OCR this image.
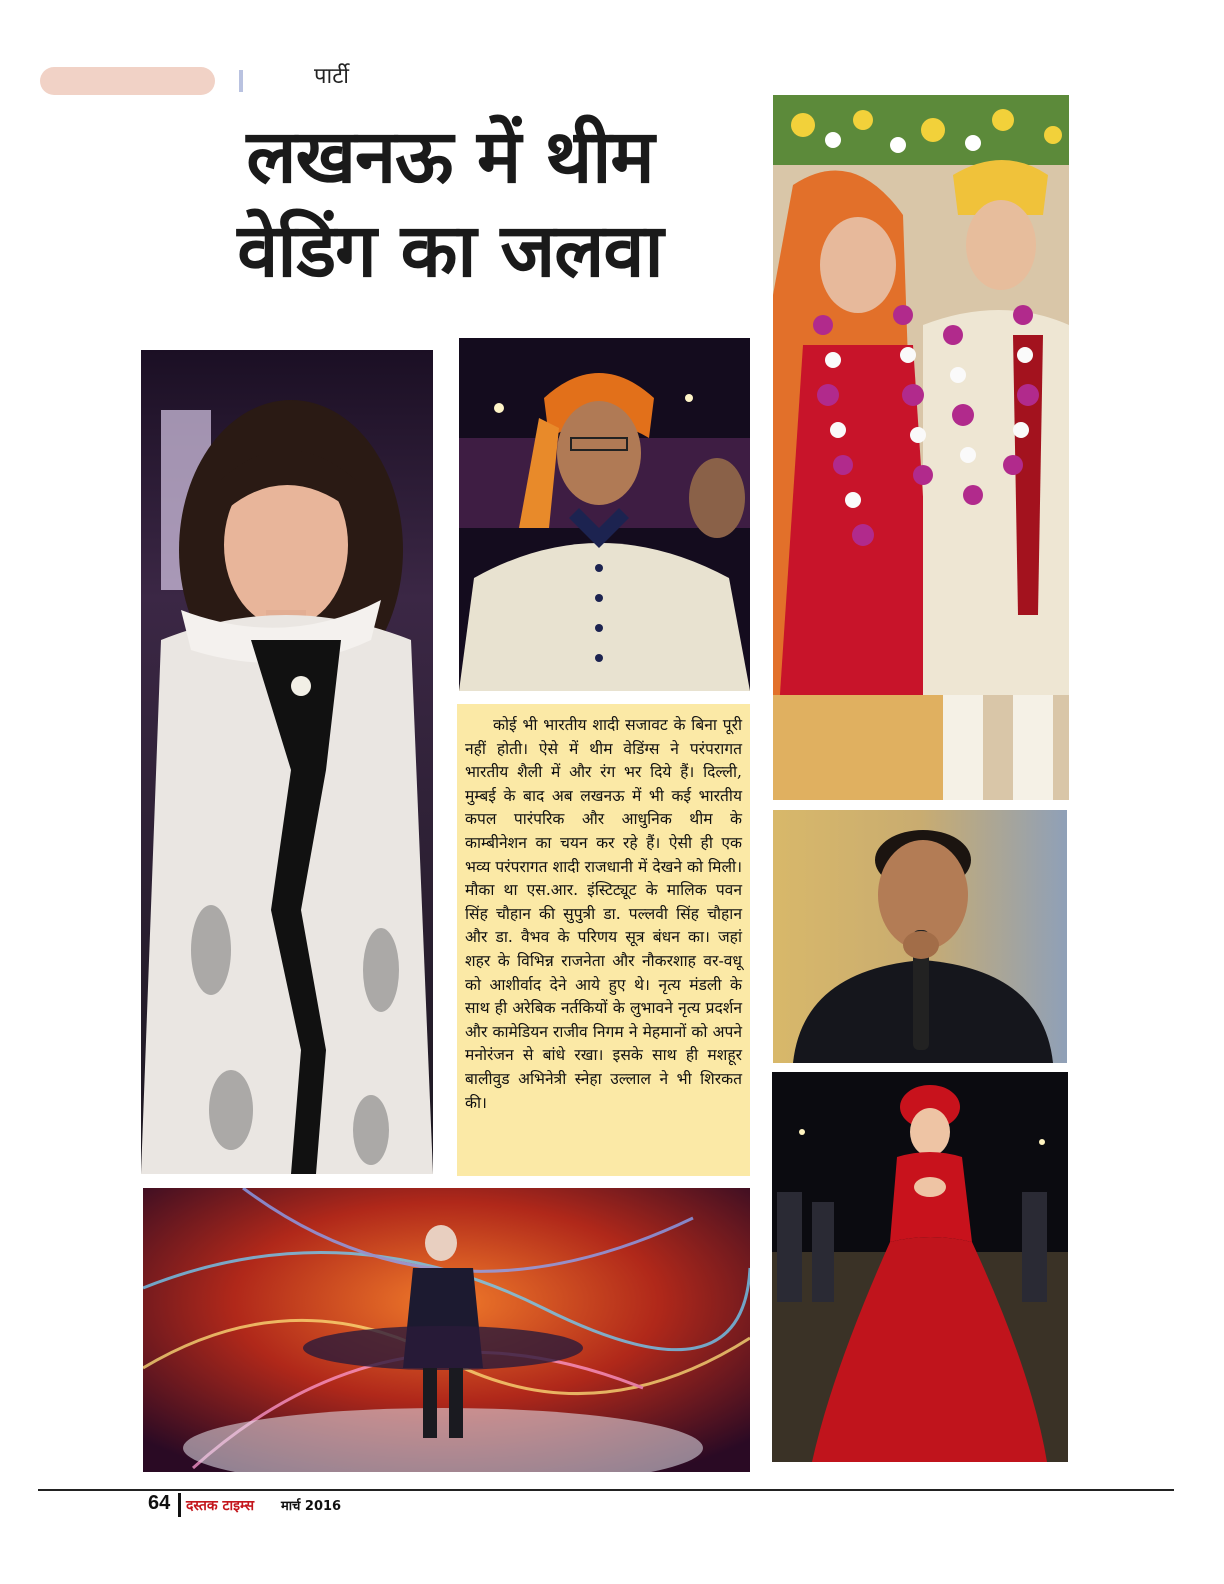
पार्टी
लखनऊ में थीम
वेडिंग का जलवा
कोई भी भारतीय शादी सजावट के बिना पूरी नहीं होती। ऐसे में थीम वेडिंग्स ने परंपरागत भारतीय शैली में और रंग भर दिये हैं। दिल्ली, मुम्बई के बाद अब लखनऊ में भी कई भारतीय कपल पारंपरिक और आधुनिक थीम के काम्बीनेशन का चयन कर रहे हैं। ऐसी ही एक भव्य परंपरागत शादी राजधानी में देखने को मिली। मौका था एस.आर. इंस्टिट्यूट के मालिक पवन सिंह चौहान की सुपुत्री डा. पल्लवी सिंह चौहान और डा. वैभव के परिणय सूत्र बंधन का। जहां शहर के विभिन्न राजनेता और नौकरशाह वर-वधू को आशीर्वाद देने आये हुए थे। नृत्य मंडली के साथ ही अरेबिक नर्तकियों के लुभावने नृत्य प्रदर्शन और कामेडियन राजीव निगम ने मेहमानों को अपने मनोरंजन से बांधे रखा। इसके साथ ही मशहूर बालीवुड अभिनेत्री स्नेहा उल्लाल ने भी शिरकत की।
64 दस्तक टाइम्स मार्च 2016
